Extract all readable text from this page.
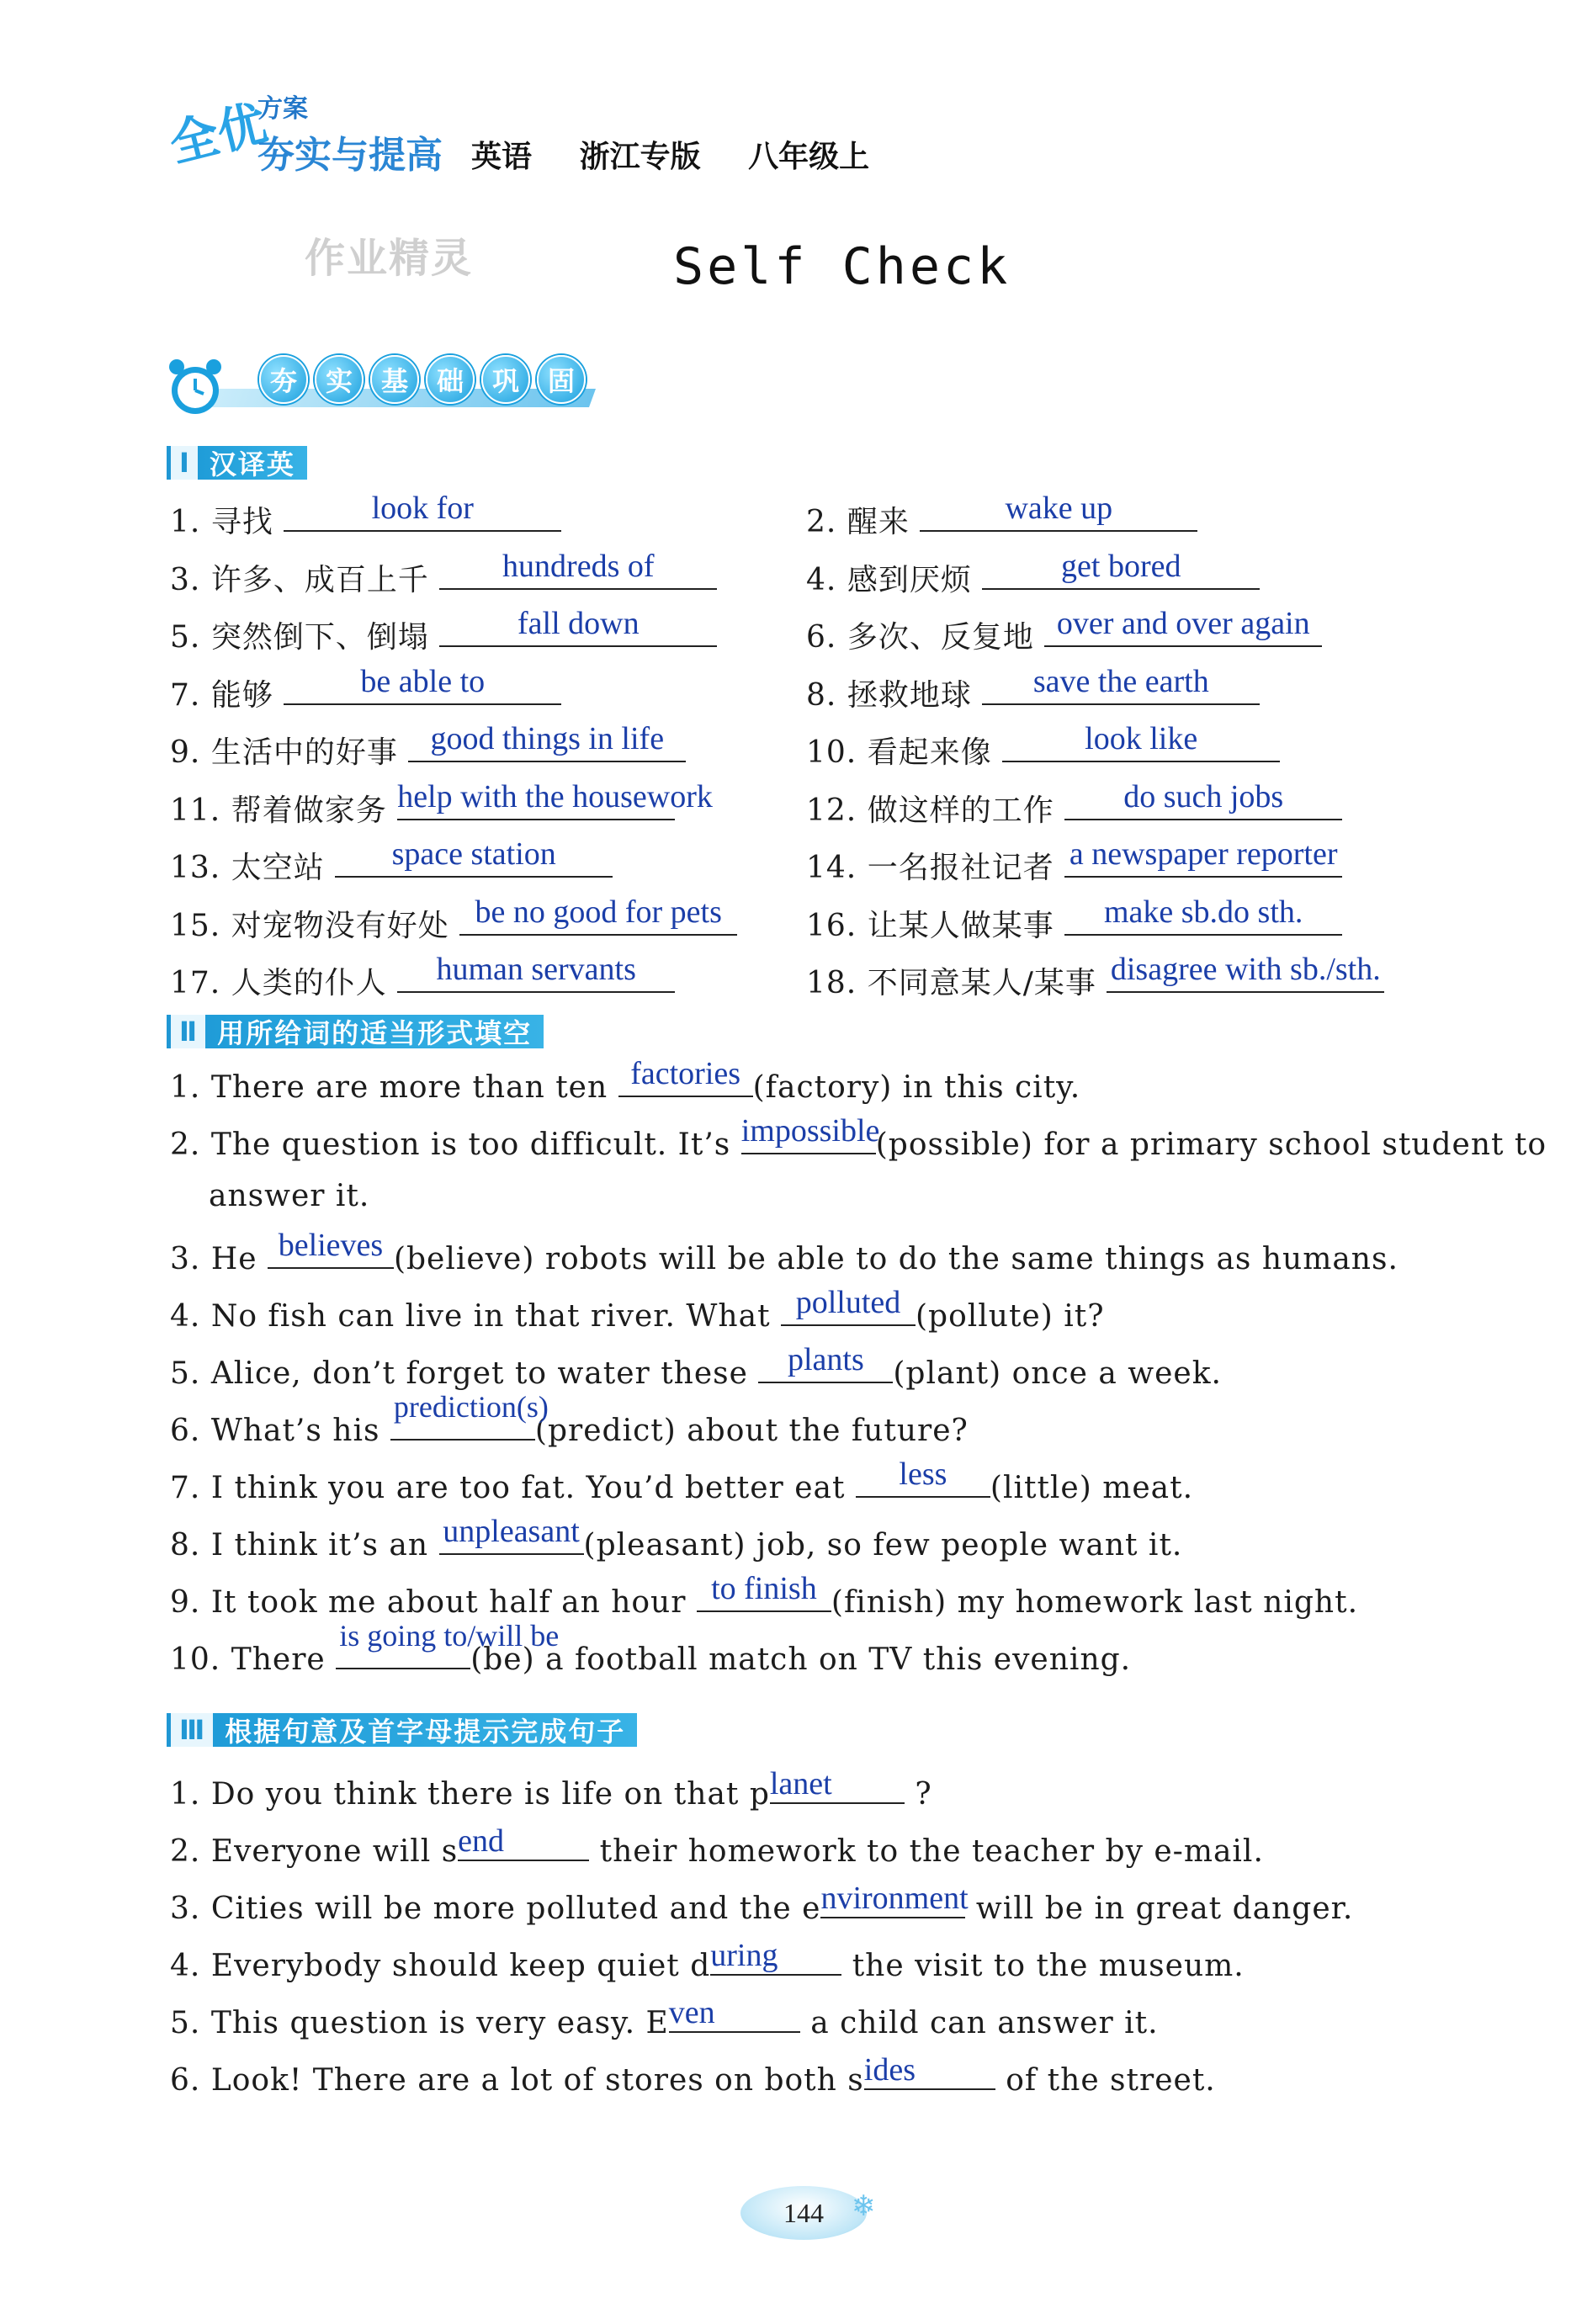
全优
方案
夯实与提高 英语 浙江专版 八年级上
作业精灵	Self Check
夯	实	基	础	巩	固
Ⅰ 汉译英
1. 寻找	look for	2. 醒来	wake up
3. 许多、成百上千	hundreds of	4. 感到厌烦	get bored
5. 突然倒下、倒塌	fall down	6. 多次、反复地 over and over again
7. 能够	be able to	8. 拯救地球	save the earth
9. 生活中的好事	good things in life	10. 看起来像	look like
11. 帮着做家务 help with the housework	12. 做这样的工作	do such jobs
13. 太空站	space station	14. 一名报社记者 a newspaper reporter
15. 对宠物没有好处 be no good for pets	16. 让某人做某事	make sb.do sth.
17. 人类的仆人	human servants	18. 不同意某人/某事 disagree with sb./sth.
Ⅱ 用所给词的适当形式填空
1. There are more than ten factories (factory) in this city.
2. The question is too difficult. It’s impossible
(possible) for a primary school student to
answer it.
3. He believes (believe) robots will be able to do the same things as humans.
4. No fish can live in that river. What polluted (pollute) it?
5. Alice, don’t forget to water these	plants (plant) once a week.
6. What’s his
prediction(s)
(predict) about the future?
7. I think you are too fat. You’d better eat	less	(little) meat.
8. I think it’s an unpleasant (pleasant) job, so few people want it.
9. It took me about half an hour to finish (finish) my homework last night.
10. There
is going to/will be
(be) a football match on TV this evening.
Ⅲ 根据句意及首字母提示完成句子
1. Do you think there is life on that p lanet	?
2. Everyone will s end	their homework to the teacher by e-mail.
3. Cities will be more polluted and the e nvironment will be in great danger.
4. Everybody should keep quiet d uring the visit to the museum.
5. This question is very easy. E ven	a child can answer it.
6. Look! There are a lot of stores on both s ides	of the street.
144 ❄
